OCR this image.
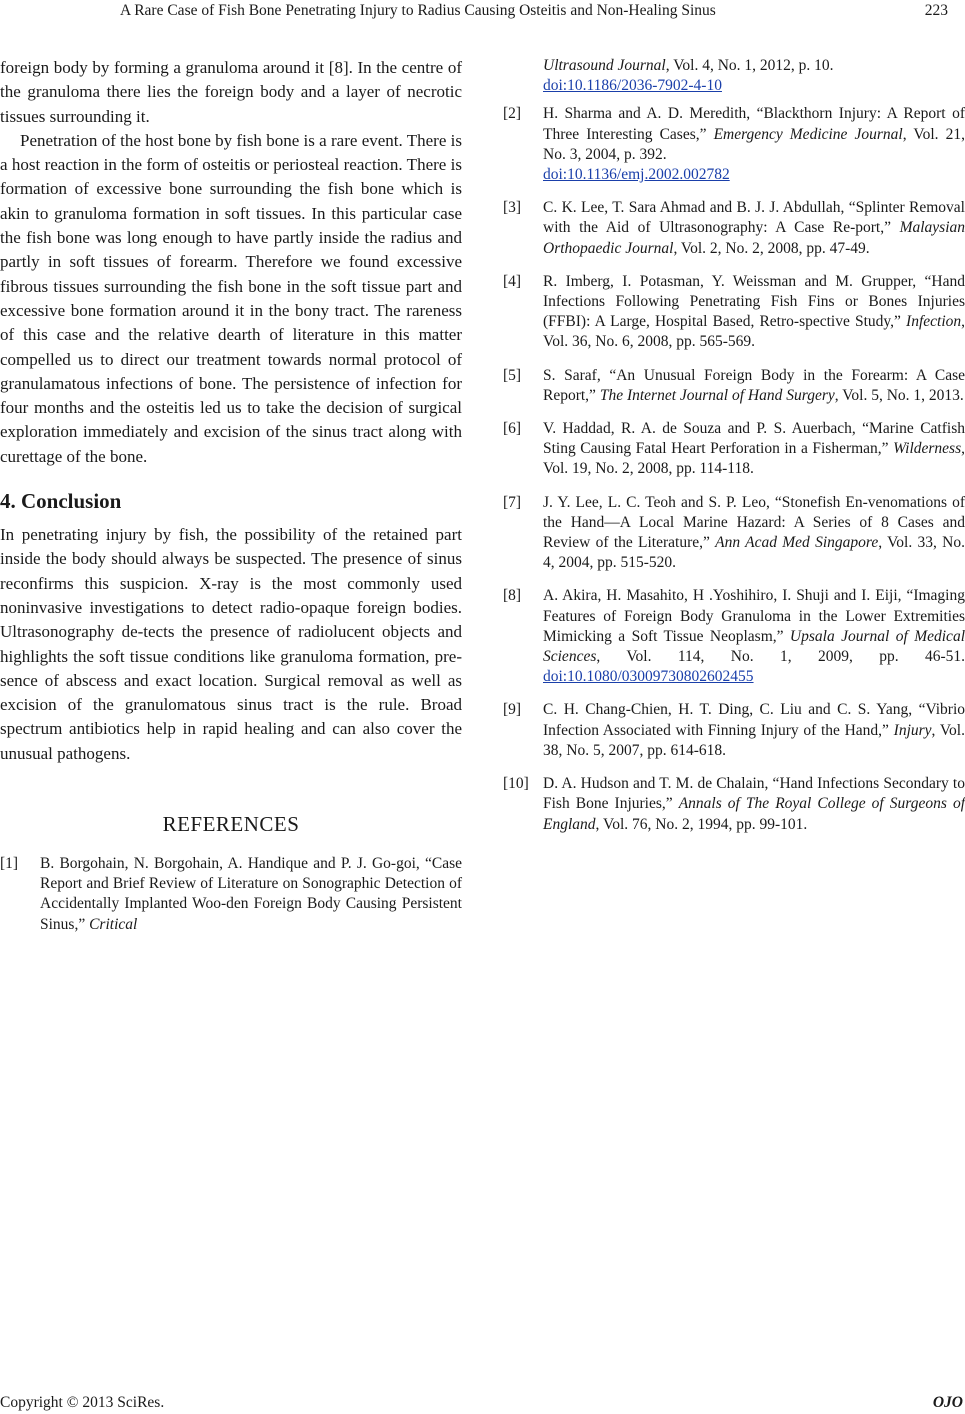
A Rare Case of Fish Bone Penetrating Injury to Radius Causing Osteitis and Non-Healing Sinus	223

foreign body by forming a granuloma around it [8]. In the centre of the granuloma there lies the foreign body and a layer of necrotic tissues surrounding it.

Penetration of the host bone by fish bone is a rare event. There is a host reaction in the form of osteitis or periosteal reaction. There is formation of excessive bone surrounding the fish bone which is akin to granuloma formation in soft tissues. In this particular case the fish bone was long enough to have partly inside the radius and partly in soft tissues of forearm. Therefore we found excessive fibrous tissues surrounding the fish bone in the soft tissue part and excessive bone formation around it in the bony tract. The rareness of this case and the relative dearth of literature in this matter compelled us to direct our treatment towards normal protocol of granulamatous infections of bone. The persistence of infection for four months and the osteitis led us to take the decision of surgical exploration immediately and excision of the sinus tract along with curettage of the bone.

4. Conclusion

In penetrating injury by fish, the possibility of the retained part inside the body should always be suspected. The presence of sinus reconfirms this suspicion. X-ray is the most commonly used noninvasive investigations to detect radio-opaque foreign bodies. Ultrasonography de-tects the presence of radiolucent objects and highlights the soft tissue conditions like granuloma formation, pre-sence of abscess and exact location. Surgical removal as well as excision of the granulomatous sinus tract is the rule. Broad spectrum antibiotics help in rapid healing and can also cover the unusual pathogens.

REFERENCES
[1] B. Borgohain, N. Borgohain, A. Handique and P. J. Go-goi, “Case Report and Brief Review of Literature on Sonographic Detection of Accidentally Implanted Woo-den Foreign Body Causing Persistent Sinus,” Critical
Ultrasound Journal, Vol. 4, No. 1, 2012, p. 10.
doi:10.1186/2036-7902-4-10
[2] H. Sharma and A. D. Meredith, “Blackthorn Injury: A Report of Three Interesting Cases,” Emergency Medicine Journal, Vol. 21, No. 3, 2004, p. 392.
doi:10.1136/emj.2002.002782
[3] C. K. Lee, T. Sara Ahmad and B. J. J. Abdullah, “Splinter Removal with the Aid of Ultrasonography: A Case Re-port,” Malaysian Orthopaedic Journal, Vol. 2, No. 2, 2008, pp. 47-49.
[4] R. Imberg, I. Potasman, Y. Weissman and M. Grupper, “Hand Infections Following Penetrating Fish Fins or Bones Injuries (FFBI): A Large, Hospital Based, Retro-spective Study,” Infection, Vol. 36, No. 6, 2008, pp. 565-569.
[5] S. Saraf, “An Unusual Foreign Body in the Forearm: A Case Report,” The Internet Journal of Hand Surgery, Vol. 5, No. 1, 2013.
[6] V. Haddad, R. A. de Souza and P. S. Auerbach, “Marine Catfish Sting Causing Fatal Heart Perforation in a Fisherman,” Wilderness, Vol. 19, No. 2, 2008, pp. 114-118.
[7] J. Y. Lee, L. C. Teoh and S. P. Leo, “Stonefish En-venomations of the Hand—A Local Marine Hazard: A Series of 8 Cases and Review of the Literature,” Ann Acad Med Singapore, Vol. 33, No. 4, 2004, pp. 515-520.
[8] A. Akira, H. Masahito, H .Yoshihiro, I. Shuji and I. Eiji, “Imaging Features of Foreign Body Granuloma in the Lower Extremities Mimicking a Soft Tissue Neoplasm,” Upsala Journal of Medical Sciences, Vol. 114, No. 1, 2009, pp. 46-51. doi:10.1080/03009730802602455
[9] C. H. Chang-Chien, H. T. Ding, C. Liu and C. S. Yang, “Vibrio Infection Associated with Finning Injury of the Hand,” Injury, Vol. 38, No. 5, 2007, pp. 614-618.
[10] D. A. Hudson and T. M. de Chalain, “Hand Infections Secondary to Fish Bone Injuries,” Annals of The Royal College of Surgeons of England, Vol. 76, No. 2, 1994, pp. 99-101.
Copyright © 2013 SciRes.	OJO
